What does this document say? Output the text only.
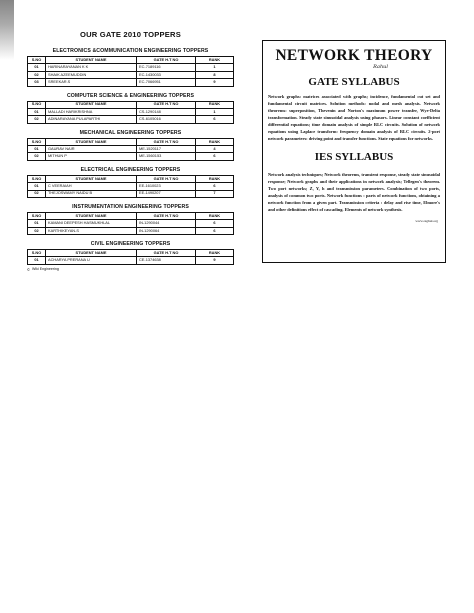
OUR GATE 2010 TOPPERS
ELECTRONICS &COMMUNICATION ENGINEERING TOPPERS
S.NO	STUDENT NAME	GATE H.T NO	RANK
01	HARINARAYANAN K K	EC-7189116	1
02	SHAIK AZEEMUDDIN	EC-1430033	8
03	SREEKAR.S	EC-7066951	9
COMPUTER SCIENCE & ENGINEERING TOPPERS
S.NO	STUDENT NAME	GATE H.T NO	RANK
01	MALLADI HARIKRISHNA	CS-1290148	1
02	ADINARAYANA PULAPARTHI	CS-6105016	6
MECHANICAL ENGINEERING TOPPERS
S.NO	STUDENT NAME	GATE H.T NO	RANK
01	GAURAV NAIR	ME-1520117	4
02	MITHUN P	ME-1560153	6
ELECTRICAL ENGINEERING TOPPERS
S.NO	STUDENT NAME	GATE H.T NO	RANK
01	C VEERAIAH	EE-1610023	6
02	THEJOSWAMY NAIDU B	EE-1490207	7
INSTRUMENTATION ENGINEERING TOPPERS
S.NO	STUDENT NAME	GATE H.T NO	RANK
01	KAMANI DEEPESH HASMUKHLAL	IN-1290044	6
02	KARTHIKEYAN-S	IN-1290064	6
CIVIL ENGINEERING TOPPERS
S.NO	STUDENT NAME	GATE H.T NO	RANK
01	ACHARYA PRERANA U	CE-1374638	9
© Wiki Engineering
NETWORK THEORY
Rahul
GATE SYLLABUS

Network graphs: matrices associated with graphs; incidence, fundamental cut set and fundamental circuit matrices. Solution methods: nodal and mesh analysis. Network theorems: superposition, Thevenin and Norton's maximum power transfer, Wye-Delta transformation. Steady state sinusoidal analysis using phasors. Linear constant coefficient differential equations; time domain analysis of simple RLC circuits. Solution of network equations using Laplace transform: frequency domain analysis of RLC circuits. 2-port network parameters: driving point and transfer functions. State equations for networks.

IES SYLLABUS

Network analysis techniques; Network theorems, transient response, steady state sinusoidal response; Network graphs and their applications in network analysis; Tellegen's theorem. Two port networks; Z, Y, h and transmission parameters. Combination of two ports, analysis of common two ports. Network functions : parts of network functions, obtaining a network function from a given part. Transmission criteria : delay and rise time, Elmore's and other definitions effect of cascading. Elements of network synthesis.

www.raghul.org
